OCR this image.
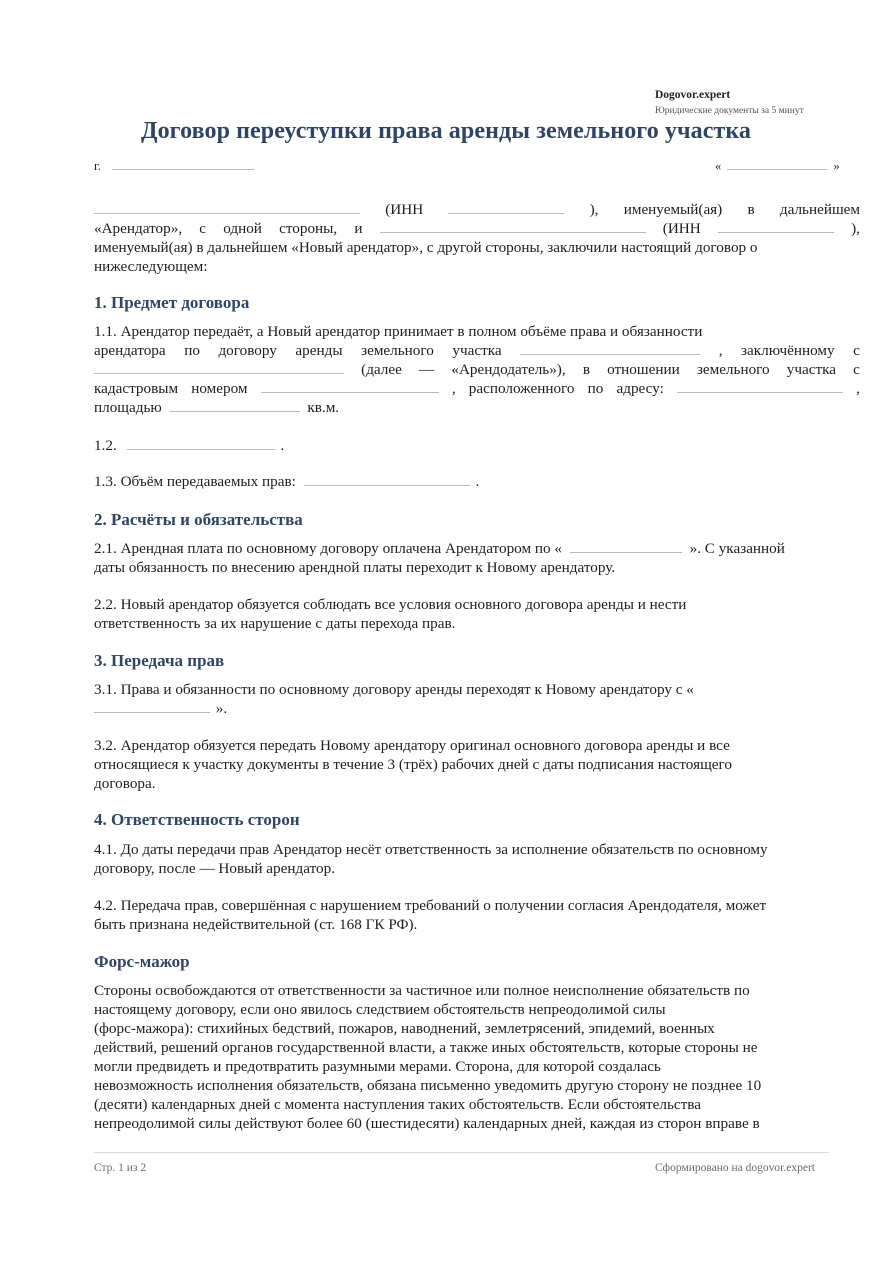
Dogovor.expert
Юридические документы за 5 минут
Договор переуступки права аренды земельного участка
г.	«	»
(ИНН	), именуемый(ая) в дальнейшем
«Арендатор», с одной стороны, и	(ИНН	),
именуемый(ая) в дальнейшем «Новый арендатор», с другой стороны, заключили настоящий договор о
нижеследующем:
1. Предмет договора
1.1. Арендатор передаёт, а Новый арендатор принимает в полном объёме права и обязанности
арендатора по договору аренды земельного участка	, заключённому с
(далее — «Арендодатель»), в отношении земельного участка с
кадастровым номером	, расположенного по адресу:	,
площадью	кв.м.
1.2.	.
1.3. Объём передаваемых прав:	.
2. Расчёты и обязательства
2.1. Арендная плата по основному договору оплачена Арендатором по «	». С указанной
даты обязанность по внесению арендной платы переходит к Новому арендатору.
2.2. Новый арендатор обязуется соблюдать все условия основного договора аренды и нести
ответственность за их нарушение с даты перехода прав.
3. Передача прав
3.1. Права и обязанности по основному договору аренды переходят к Новому арендатору с «
».
3.2. Арендатор обязуется передать Новому арендатору оригинал основного договора аренды и все
относящиеся к участку документы в течение 3 (трёх) рабочих дней с даты подписания настоящего
договора.
4. Ответственность сторон
4.1. До даты передачи прав Арендатор несёт ответственность за исполнение обязательств по основному
договору, после — Новый арендатор.
4.2. Передача прав, совершённая с нарушением требований о получении согласия Арендодателя, может
быть признана недействительной (ст. 168 ГК РФ).
Форс-мажор
Стороны освобождаются от ответственности за частичное или полное неисполнение обязательств по
настоящему договору, если оно явилось следствием обстоятельств непреодолимой силы
(форс-мажора): стихийных бедствий, пожаров, наводнений, землетрясений, эпидемий, военных
действий, решений органов государственной власти, а также иных обстоятельств, которые стороны не
могли предвидеть и предотвратить разумными мерами. Сторона, для которой создалась
невозможность исполнения обязательств, обязана письменно уведомить другую сторону не позднее 10
(десяти) календарных дней с момента наступления таких обстоятельств. Если обстоятельства
непреодолимой силы действуют более 60 (шестидесяти) календарных дней, каждая из сторон вправе в
Стр. 1 из 2	Сформировано на dogovor.expert
